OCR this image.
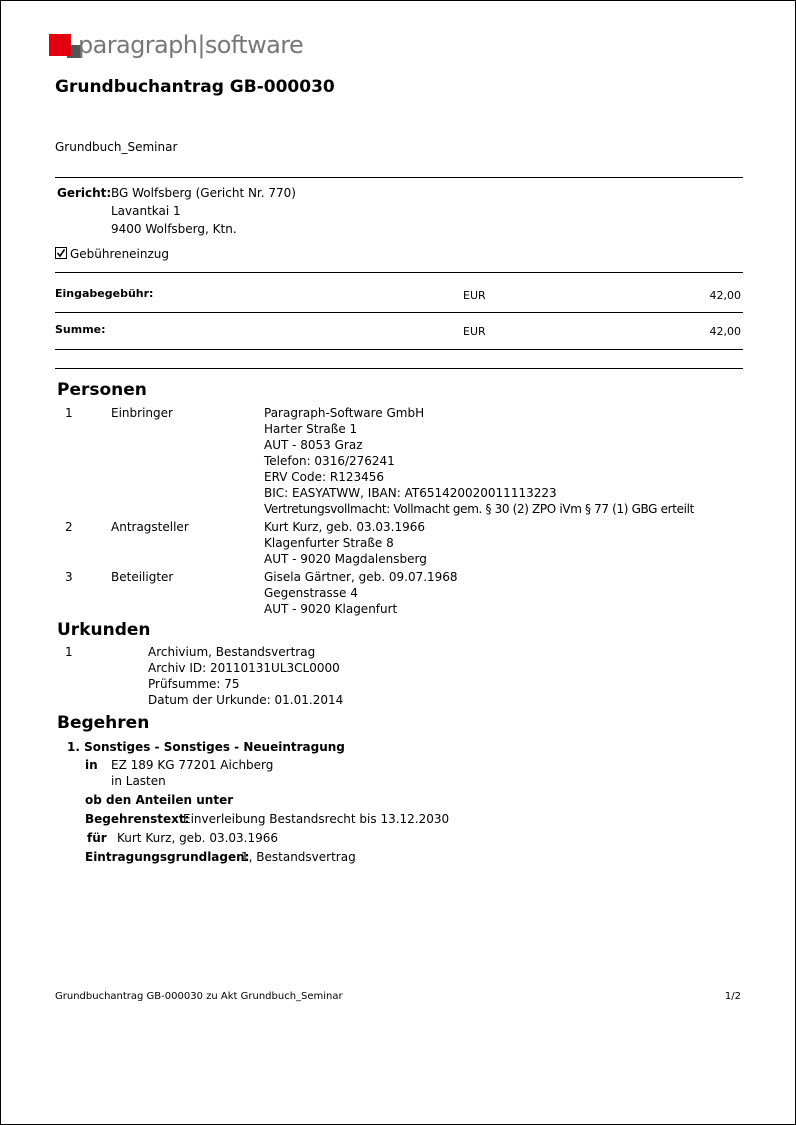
paragraph|software
Grundbuchantrag GB-000030
Grundbuch_Seminar
Gericht: BG Wolfsberg (Gericht Nr. 770)
Lavantkai 1
9400 Wolfsberg, Ktn.
Gebühreneinzug
Eingabegebühr:	EUR	42,00
Summe:	EUR	42,00
Personen
1	Einbringer	Paragraph-Software GmbH
Harter Straße 1
AUT - 8053 Graz
Telefon: 0316/276241
ERV Code: R123456
BIC: EASYATWW, IBAN: AT651420020011113223
Vertretungsvollmacht: Vollmacht gem. § 30 (2) ZPO iVm § 77 (1) GBG erteilt
2	Antragsteller	Kurt Kurz, geb. 03.03.1966
Klagenfurter Straße 8
AUT - 9020 Magdalensberg
3	Beteiligter	Gisela Gärtner, geb. 09.07.1968
Gegenstrasse 4
AUT - 9020 Klagenfurt
Urkunden
1	Archivium, Bestandsvertrag
Archiv ID: 20110131UL3CL0000
Prüfsumme: 75
Datum der Urkunde: 01.01.2014
Begehren
1. Sonstiges - Sonstiges - Neueintragung
in EZ 189 KG 77201 Aichberg
in Lasten
ob den Anteilen unter
Begehrenstext:
Einverleibung Bestandsrecht bis 13.12.2030
für Kurt Kurz, geb. 03.03.1966
Eintragungsgrundlagen:
1, Bestandsvertrag
Grundbuchantrag GB-000030 zu Akt Grundbuch_Seminar	1/2
